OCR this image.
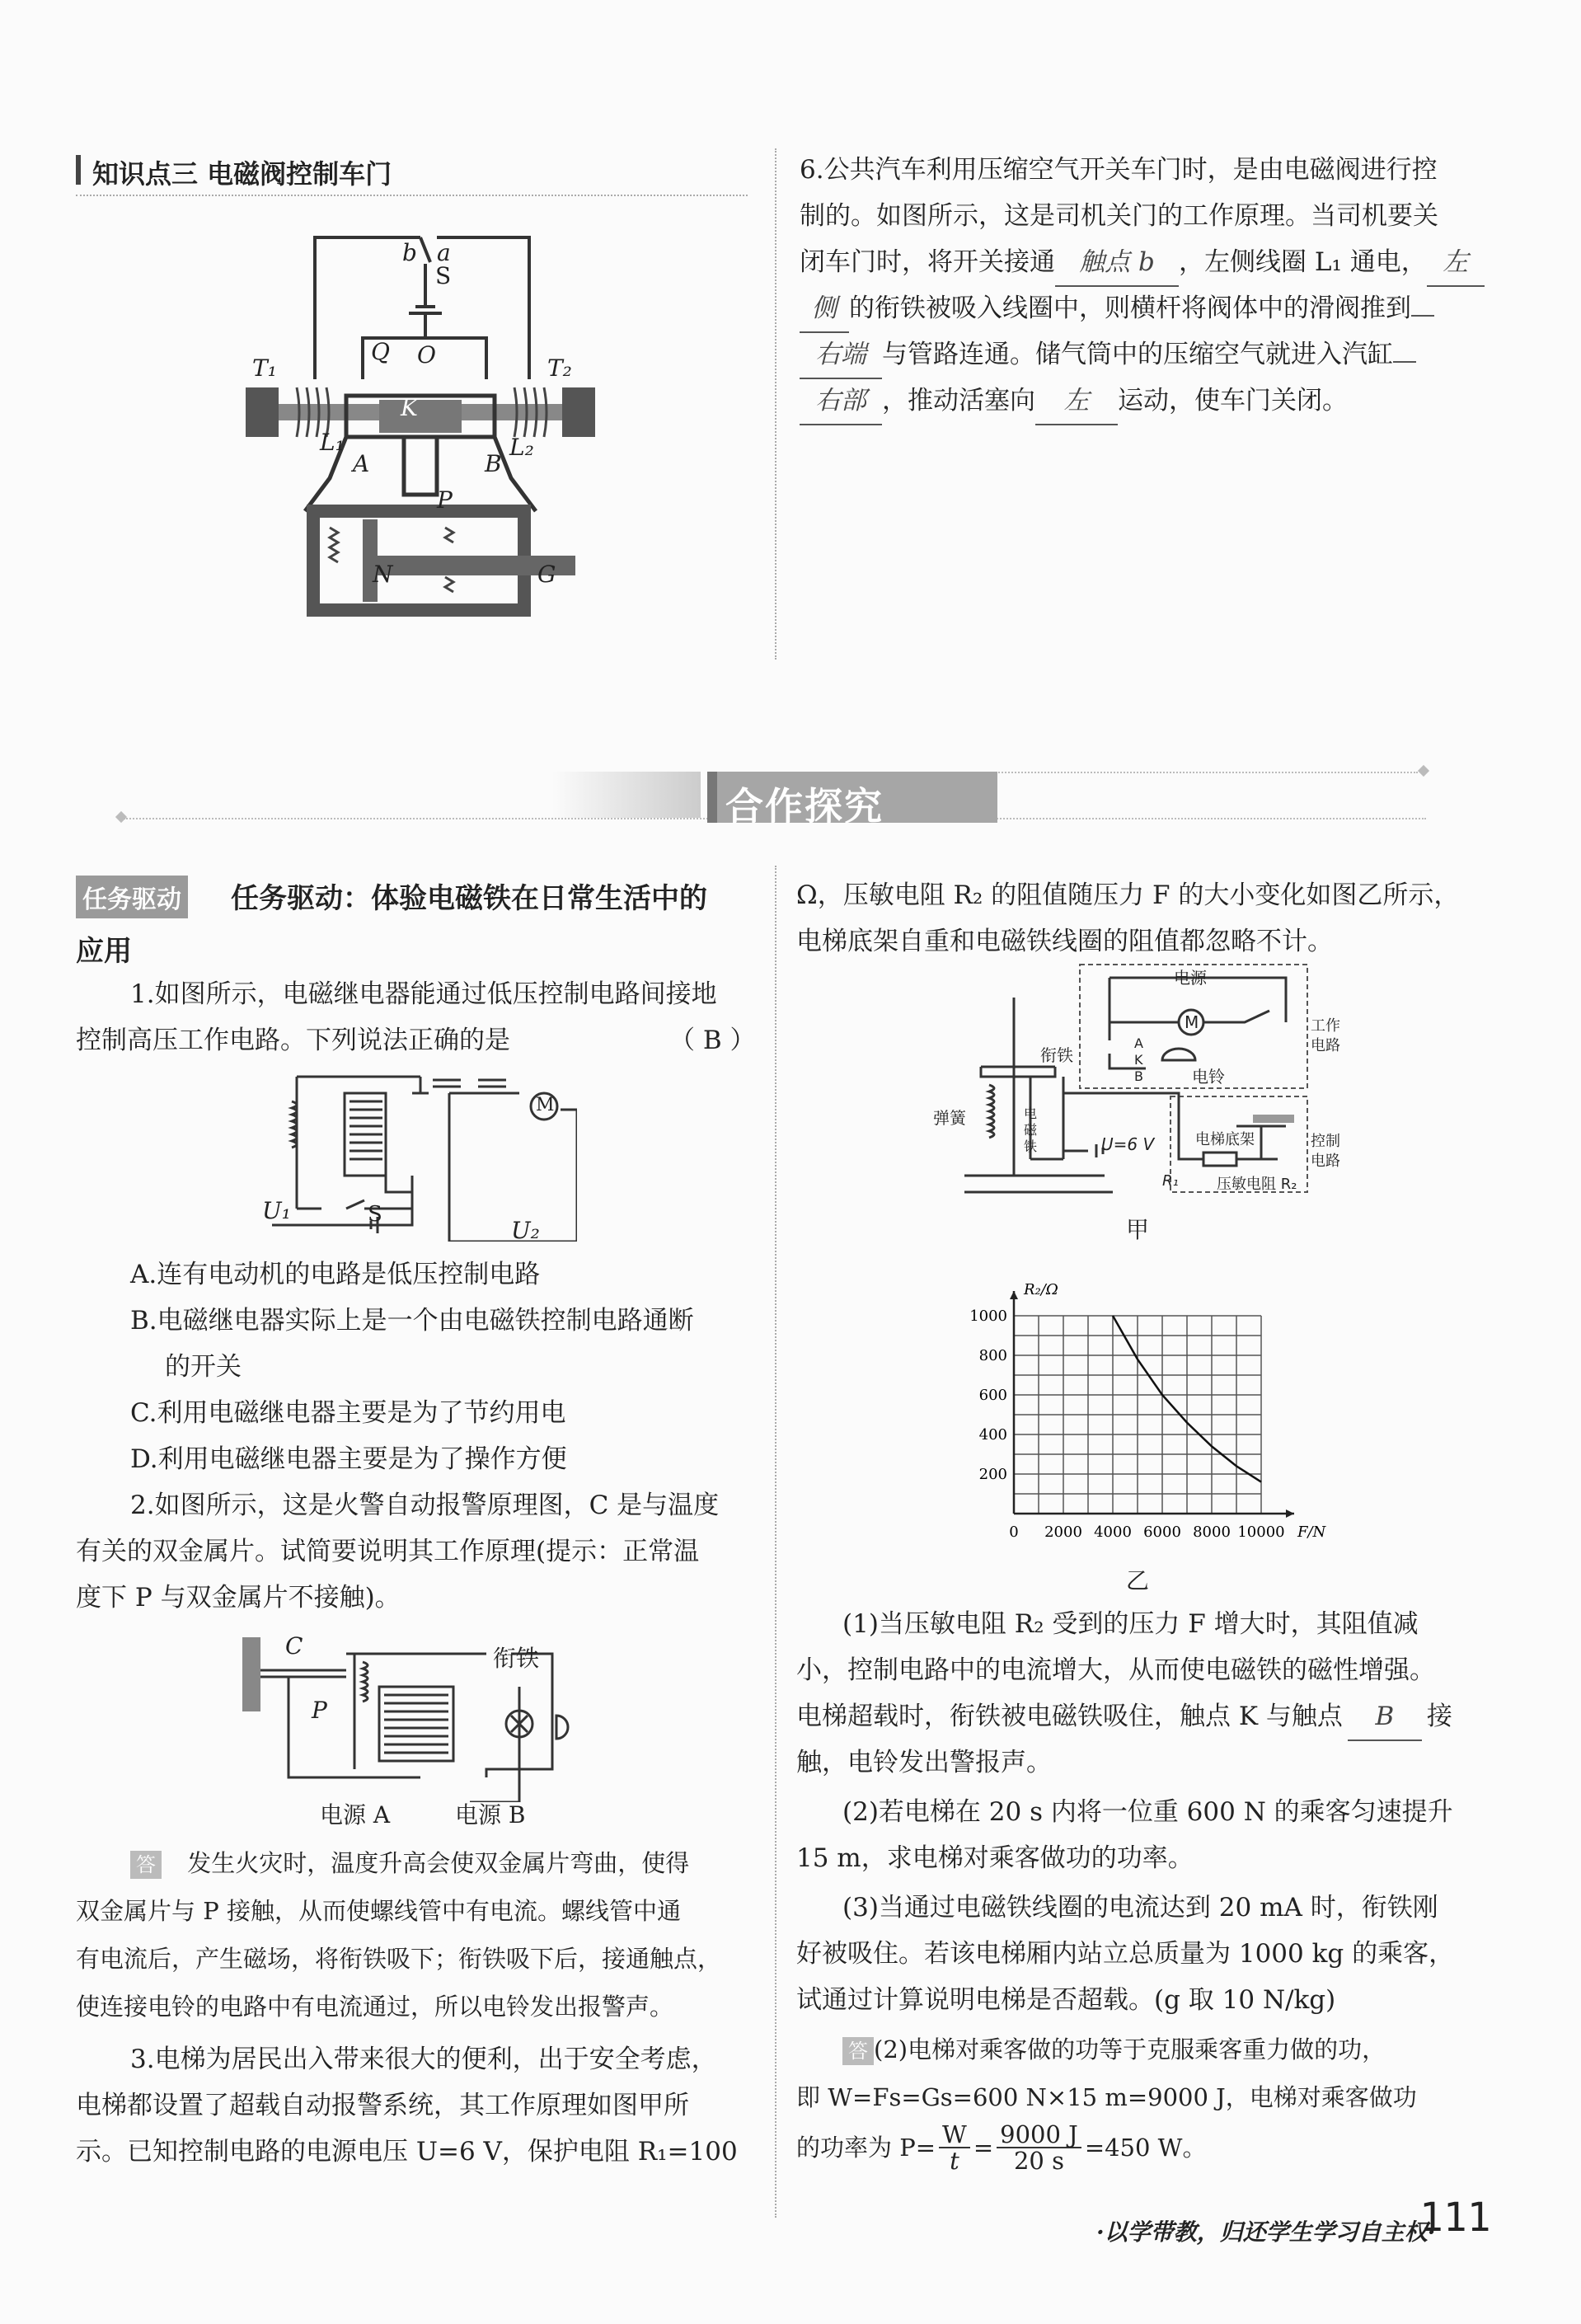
知识点三 电磁阀控制车门
b a
S
Q O
T₁	T₂
K
L₁	L₂
A	B
P
N	G
6.公共汽车利用压缩空气开关车门时，是由电磁阀进行控
制的。如图所示，这是司机关门的工作原理。当司机要关
闭车门时，将开关接通 触点 b ，左侧线圈 L₁ 通电， 左
侧 的衔铁被吸入线圈中，则横杆将阀体中的滑阀推到
右端 与管路连通。储气筒中的压缩空气就进入汽缸
右部 ，推动活塞向 左 运动，使车门关闭。
合作探究
任务驱动 任务驱动：体验电磁铁在日常生活中的
应用
1.如图所示，电磁继电器能通过低压控制电路间接地
控制高压工作电路。下列说法正确的是	（ B ）
M
U₁	S
U₂
A.连有电动机的电路是低压控制电路
B.电磁继电器实际上是一个由电磁铁控制电路通断
的开关
C.利用电磁继电器主要是为了节约用电
D.利用电磁继电器主要是为了操作方便
2.如图所示，这是火警自动报警原理图，C 是与温度
有关的双金属片。试简要说明其工作原理(提示：正常温
度下 P 与双金属片不接触)。
C
P
衔铁
电源 A	电源 B
答 发生火灾时，温度升高会使双金属片弯曲，使得
双金属片与 P 接触，从而使螺线管中有电流。螺线管中通
有电流后，产生磁场，将衔铁吸下；衔铁吸下后，接通触点，
使连接电铃的电路中有电流通过，所以电铃发出报警声。
3.电梯为居民出入带来很大的便利，出于安全考虑，
电梯都设置了超载自动报警系统，其工作原理如图甲所
示。已知控制电路的电源电压 U=6 V，保护电阻 R₁=100
Ω，压敏电阻 R₂ 的阻值随压力 F 的大小变化如图乙所示，
电梯底架自重和电磁铁线圈的阻值都忽略不计。
电源
M	工作
电路
衔铁
A
K
B	电铃
弹簧	电
磁
铁	电梯底架	控制
电路
U=6 V
R₁	压敏电阻 R₂
甲
0 2000 4000 6000 8000 10000
200
400
600
800
1000
F/N
R₂/Ω
乙
(1)当压敏电阻 R₂ 受到的压力 F 增大时，其阻值减
小，控制电路中的电流增大，从而使电磁铁的磁性增强。
电梯超载时，衔铁被电磁铁吸住，触点 K 与触点 B 接
触，电铃发出警报声。
(2)若电梯在 20 s 内将一位重 600 N 的乘客匀速提升
15 m，求电梯对乘客做功的功率。
(3)当通过电磁铁线圈的电流达到 20 mA 时，衔铁刚
好被吸住。若该电梯厢内站立总质量为 1000 kg 的乘客，
试通过计算说明电梯是否超载。(g 取 10 N/kg)
答 (2)电梯对乘客做的功等于克服乘客重力做的功，
即 W=Fs=Gs=600 N×15 m=9000 J，电梯对乘客做功
的功率为 $P= \frac{W}{t} = \frac{9000 J}{20 s} =450$ W。
·以学带教，归还学生学习自主权·
111
